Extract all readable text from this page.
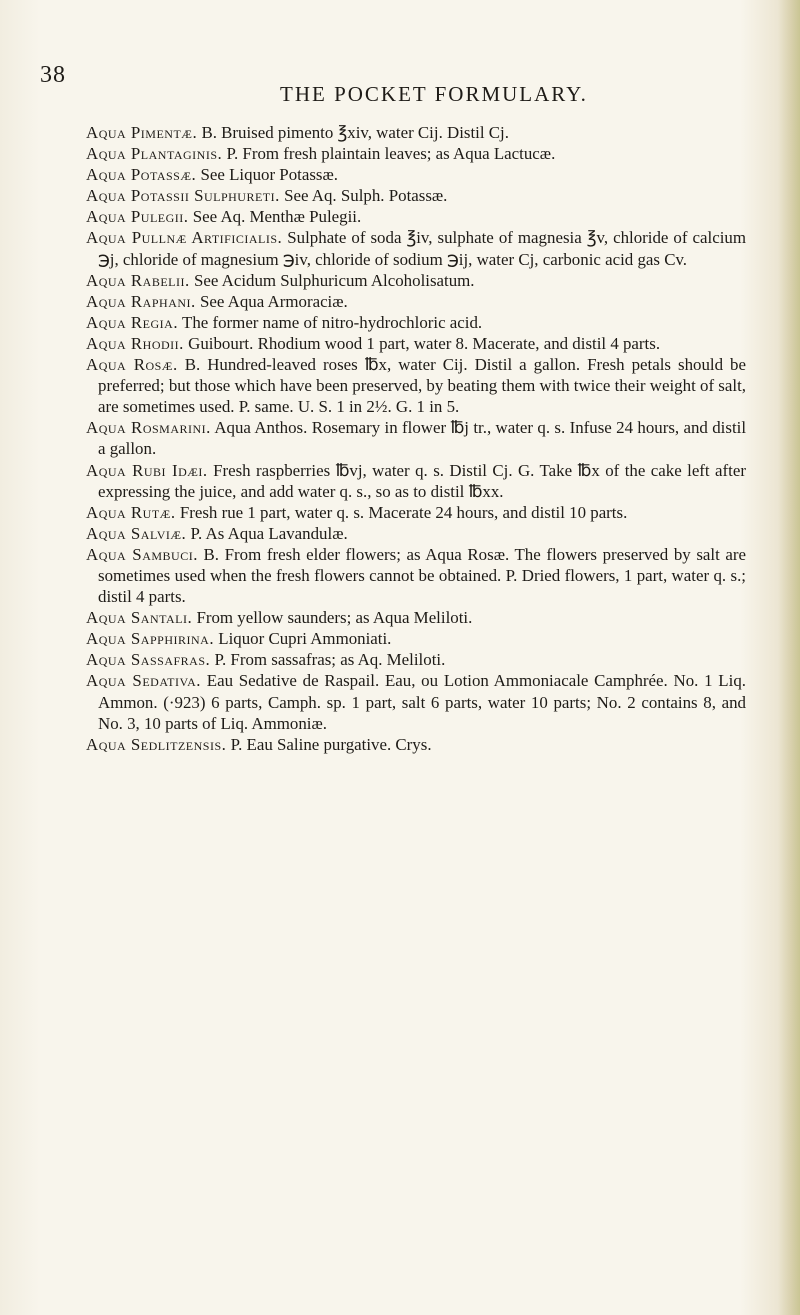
38
THE POCKET FORMULARY.

Aqua Pimentæ. B. Bruised pimento ℥xiv, water Cij. Distil Cj.

Aqua Plantaginis. P. From fresh plaintain leaves; as Aqua Lactucæ.

Aqua Potassæ. See Liquor Potassæ.

Aqua Potassii Sulphureti. See Aq. Sulph. Potassæ.

Aqua Pulegii. See Aq. Menthæ Pulegii.

Aqua Pullnæ Artificialis. Sulphate of soda ℥iv, sulphate of magnesia ℥v, chloride of calcium ℈j, chloride of magnesium ℈iv, chloride of sodium ℈ij, water Cj, carbonic acid gas Cv.

Aqua Rabelii. See Acidum Sulphuricum Alcoholisatum.

Aqua Raphani. See Aqua Armoraciæ.

Aqua Regia. The former name of nitro-hydrochloric acid.

Aqua Rhodii. Guibourt. Rhodium wood 1 part, water 8. Macerate, and distil 4 parts.

Aqua Rosæ. B. Hundred-leaved roses ℔x, water Cij. Distil a gallon. Fresh petals should be preferred; but those which have been preserved, by beating them with twice their weight of salt, are sometimes used. P. same. U. S. 1 in 2½. G. 1 in 5.

Aqua Rosmarini. Aqua Anthos. Rosemary in flower ℔j tr., water q. s. Infuse 24 hours, and distil a gallon.

Aqua Rubi Idæi. Fresh raspberries ℔vj, water q. s. Distil Cj. G. Take ℔x of the cake left after expressing the juice, and add water q. s., so as to distil ℔xx.

Aqua Rutæ. Fresh rue 1 part, water q. s. Macerate 24 hours, and distil 10 parts.

Aqua Salviæ. P. As Aqua Lavandulæ.

Aqua Sambuci. B. From fresh elder flowers; as Aqua Rosæ. The flowers preserved by salt are sometimes used when the fresh flowers cannot be obtained. P. Dried flowers, 1 part, water q. s.; distil 4 parts.

Aqua Santali. From yellow saunders; as Aqua Meliloti.

Aqua Sapphirina. Liquor Cupri Ammoniati.

Aqua Sassafras. P. From sassafras; as Aq. Meliloti.

Aqua Sedativa. Eau Sedative de Raspail. Eau, ou Lotion Ammoniacale Camphrée. No. 1 Liq. Ammon. (·923) 6 parts, Camph. sp. 1 part, salt 6 parts, water 10 parts; No. 2 contains 8, and No. 3, 10 parts of Liq. Ammoniæ.

Aqua Sedlitzensis. P. Eau Saline purgative. Crys.
